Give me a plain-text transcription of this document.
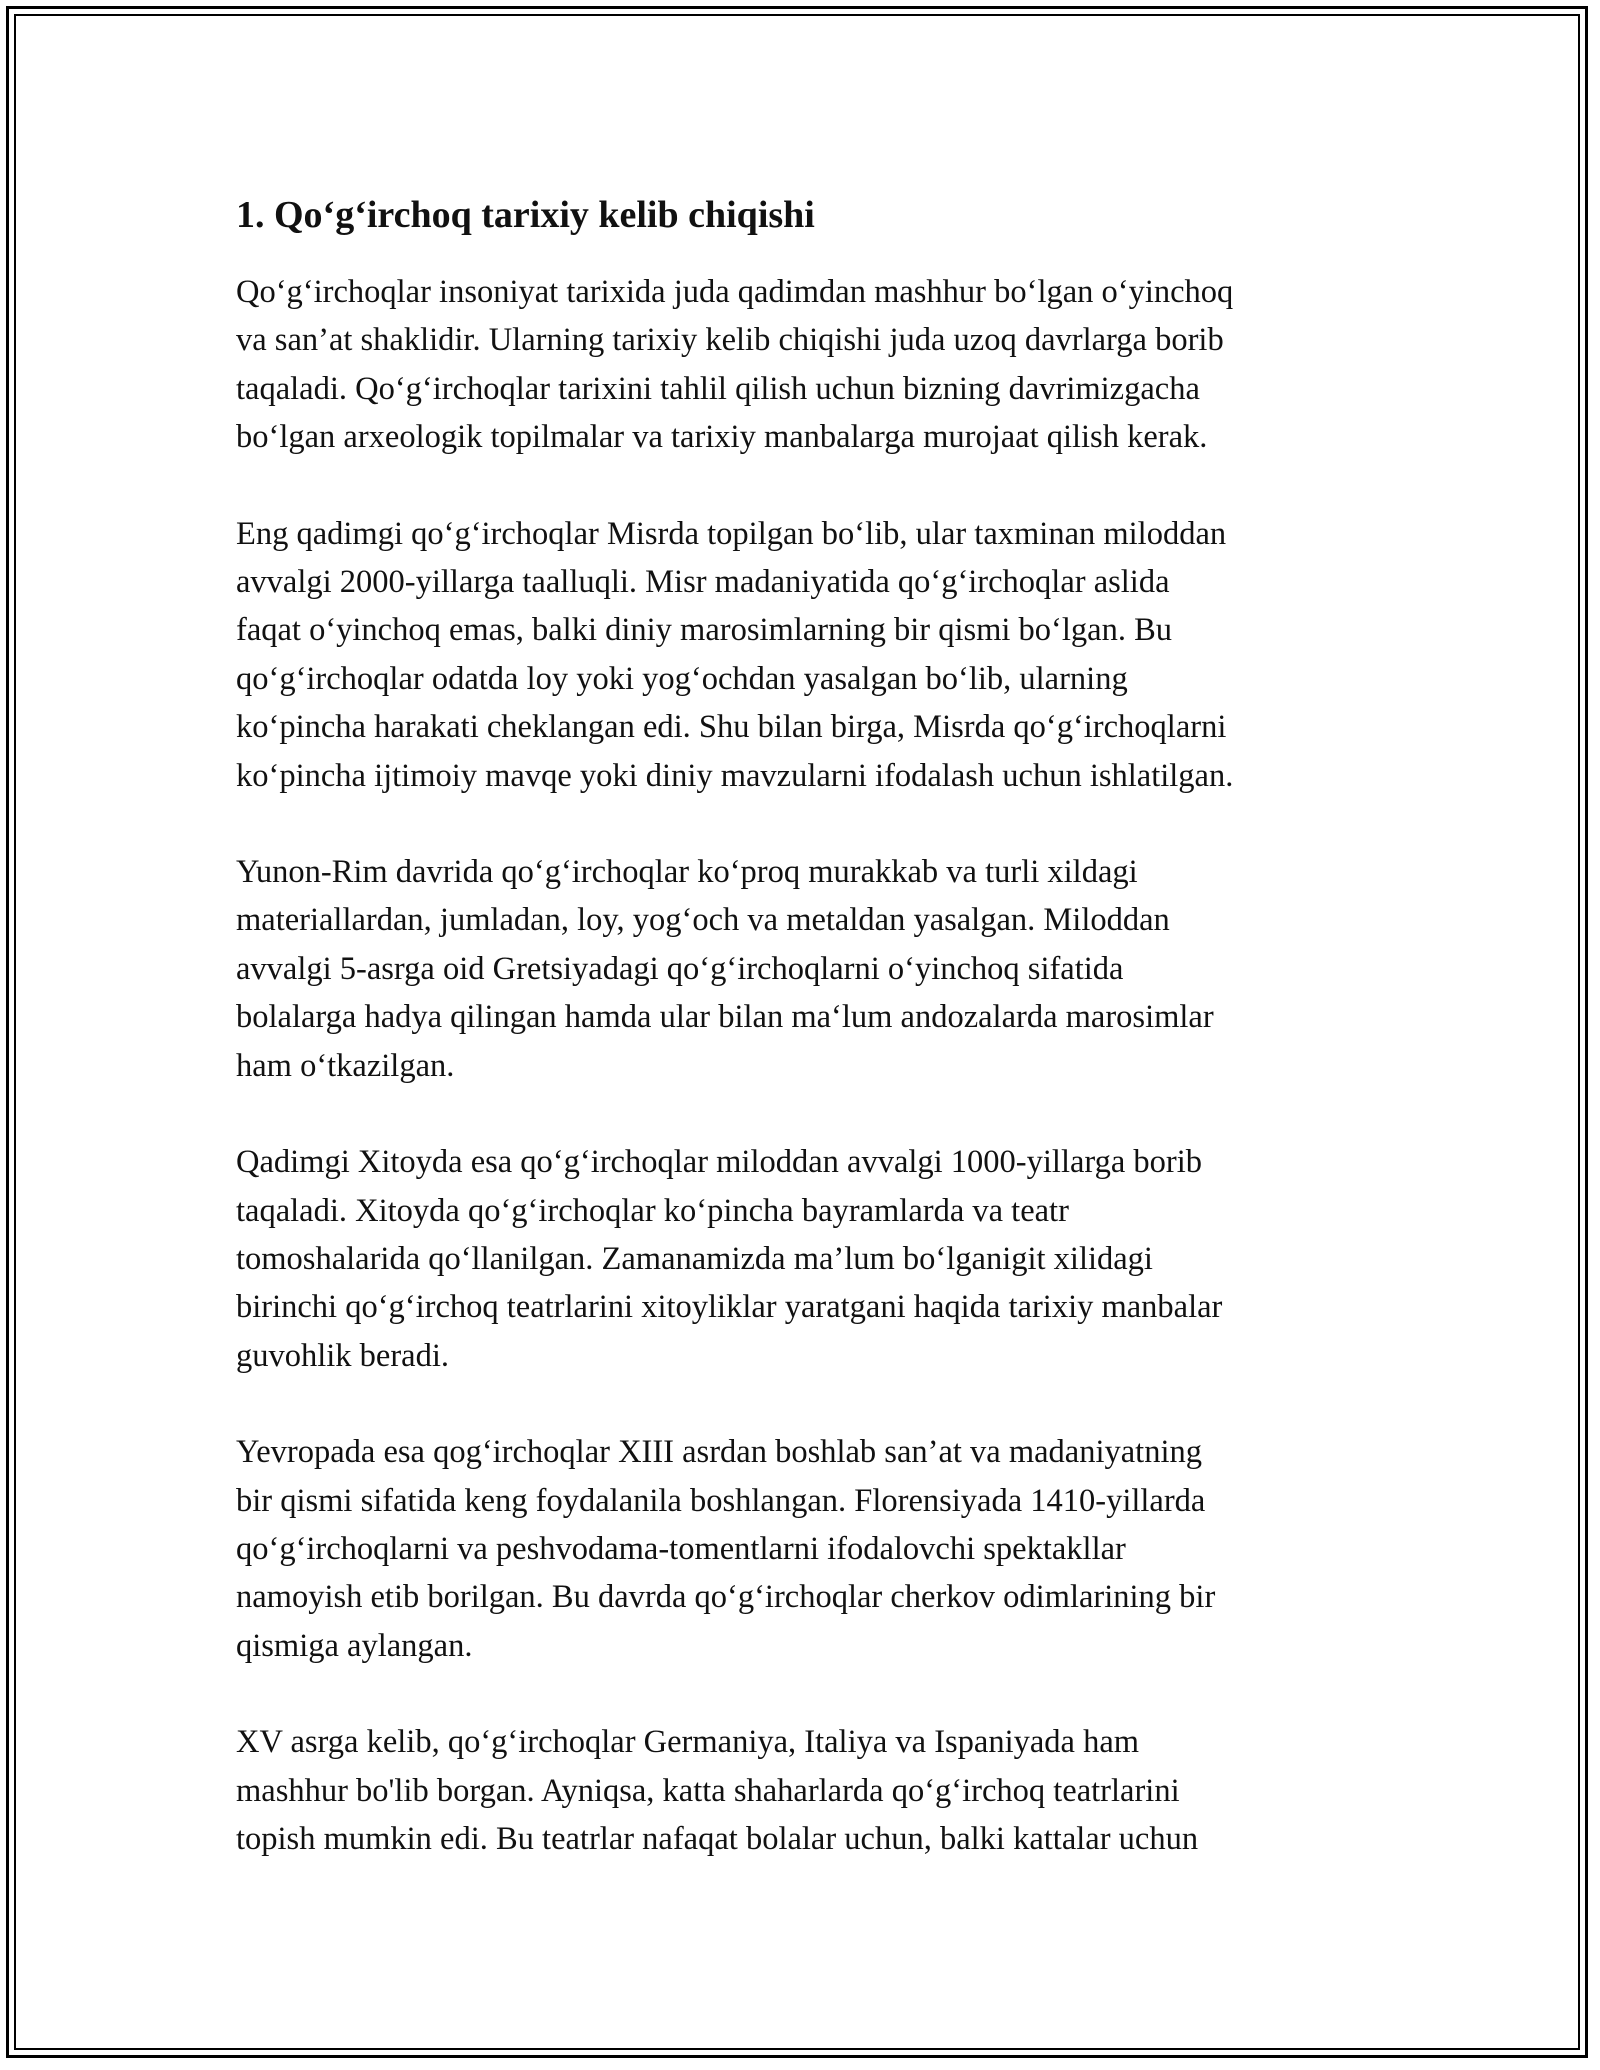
1. Qo‘g‘irchoq tarixiy kelib chiqishi

Qo‘g‘irchoqlar insoniyat tarixida juda qadimdan mashhur bo‘lgan o‘yinchoq
va san’at shaklidir. Ularning tarixiy kelib chiqishi juda uzoq davrlarga borib
taqaladi. Qo‘g‘irchoqlar tarixini tahlil qilish uchun bizning davrimizgacha
bo‘lgan arxeologik topilmalar va tarixiy manbalarga murojaat qilish kerak.

Eng qadimgi qo‘g‘irchoqlar Misrda topilgan bo‘lib, ular taxminan miloddan
avvalgi 2000-yillarga taalluqli. Misr madaniyatida qo‘g‘irchoqlar aslida
faqat o‘yinchoq emas, balki diniy marosimlarning bir qismi bo‘lgan. Bu
qo‘g‘irchoqlar odatda loy yoki yog‘ochdan yasalgan bo‘lib, ularning
ko‘pincha harakati cheklangan edi. Shu bilan birga, Misrda qo‘g‘irchoqlarni
ko‘pincha ijtimoiy mavqe yoki diniy mavzularni ifodalash uchun ishlatilgan.

Yunon-Rim davrida qo‘g‘irchoqlar ko‘proq murakkab va turli xildagi
materiallardan, jumladan, loy, yog‘och va metaldan yasalgan. Miloddan
avvalgi 5-asrga oid Gretsiyadagi qo‘g‘irchoqlarni o‘yinchoq sifatida
bolalarga hadya qilingan hamda ular bilan ma‘lum andozalarda marosimlar
ham o‘tkazilgan.

Qadimgi Xitoyda esa qo‘g‘irchoqlar miloddan avvalgi 1000-yillarga borib
taqaladi. Xitoyda qo‘g‘irchoqlar ko‘pincha bayramlarda va teatr
tomoshalarida qo‘llanilgan. Zamanamizda ma’lum bo‘lganigit xilidagi
birinchi qo‘g‘irchoq teatrlarini xitoyliklar yaratgani haqida tarixiy manbalar
guvohlik beradi.

Yevropada esa qog‘irchoqlar XIII asrdan boshlab san’at va madaniyatning
bir qismi sifatida keng foydalanila boshlangan. Florensiyada 1410-yillarda
qo‘g‘irchoqlarni va peshvodama-tomentlarni ifodalovchi spektakllar
namoyish etib borilgan. Bu davrda qo‘g‘irchoqlar cherkov odimlarining bir
qismiga aylangan.

XV asrga kelib, qo‘g‘irchoqlar Germaniya, Italiya va Ispaniyada ham
mashhur bo'lib borgan. Ayniqsa, katta shaharlarda qo‘g‘irchoq teatrlarini
topish mumkin edi. Bu teatrlar nafaqat bolalar uchun, balki kattalar uchun
